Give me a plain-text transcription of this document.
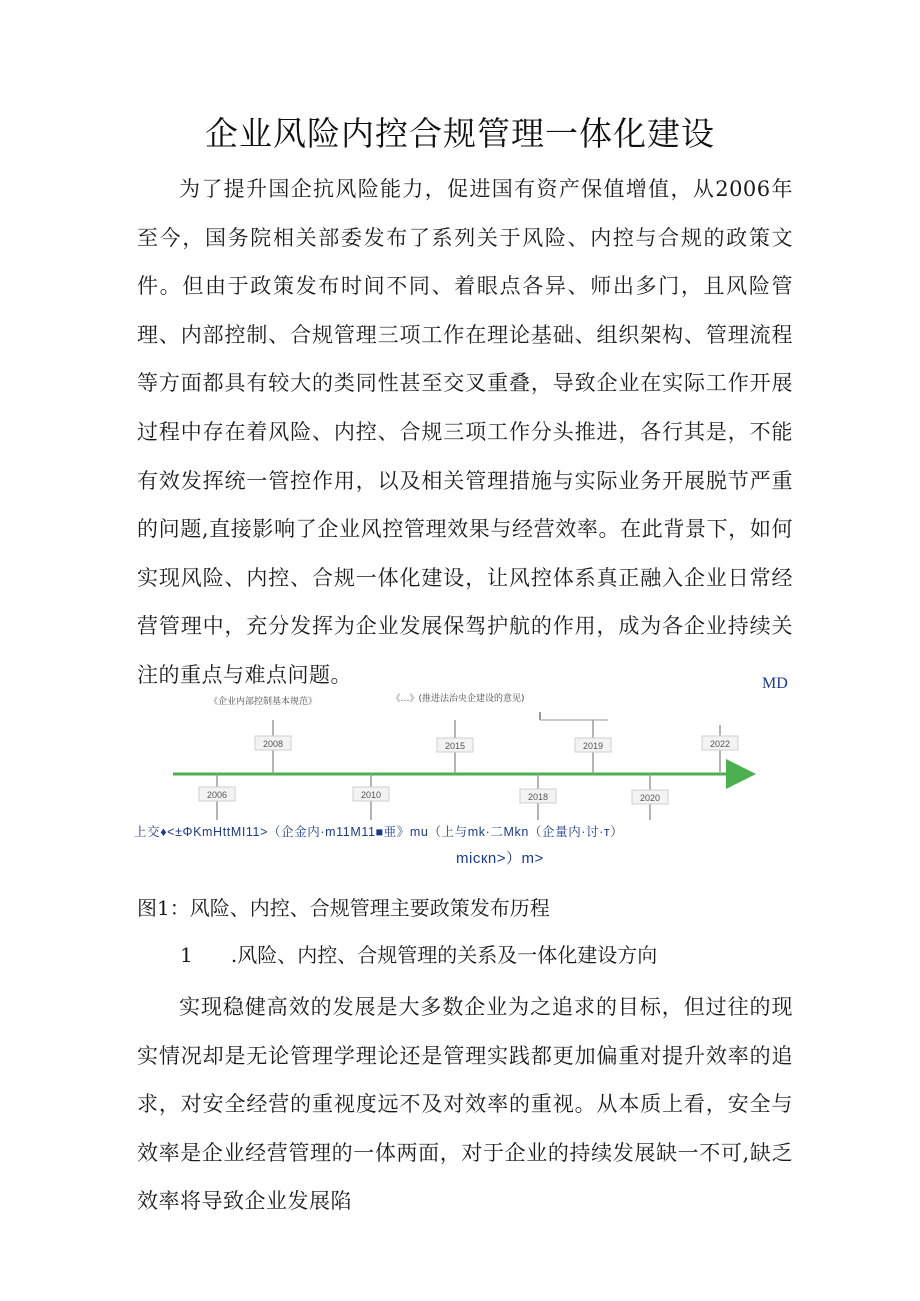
企业风险内控合规管理一体化建设

为了提升国企抗风险能力，促进国有资产保值增值，从2006年至今，国务院相关部委发布了系列关于风险、内控与合规的政策文件。但由于政策发布时间不同、着眼点各异、师出多门，且风险管理、内部控制、合规管理三项工作在理论基础、组织架构、管理流程等方面都具有较大的类同性甚至交叉重叠，导致企业在实际工作开展过程中存在着风险、内控、合规三项工作分头推进，各行其是，不能有效发挥统一管控作用，以及相关管理措施与实际业务开展脱节严重的问题,直接影响了企业风控管理效果与经营效率。在此背景下，如何实现风险、内控、合规一体化建设，让风控体系真正融入企业日常经营管理中，充分发挥为企业发展保驾护航的作用，成为各企业持续关注的重点与难点问题。	MD
2008
《企业内部控制基本规范》
2015
《…》(推进法治央企建设的意见)
2019	2022
2006	2010	2018	2020
上交♦<±ΦKmHttMI11>（企金内·m11M11■亜》mu（上与mk·二Mkn（企量内·讨·т）
micкn>）m>
图1：风险、内控、合规管理主要政策发布历程
1	.风险、内控、合规管理的关系及一体化建设方向

实现稳健高效的发展是大多数企业为之追求的目标，但过往的现实情况却是无论管理学理论还是管理实践都更加偏重对提升效率的追求，对安全经营的重视度远不及对效率的重视。从本质上看，安全与效率是企业经营管理的一体两面，对于企业的持续发展缺一不可,缺乏效率将导致企业发展陷
